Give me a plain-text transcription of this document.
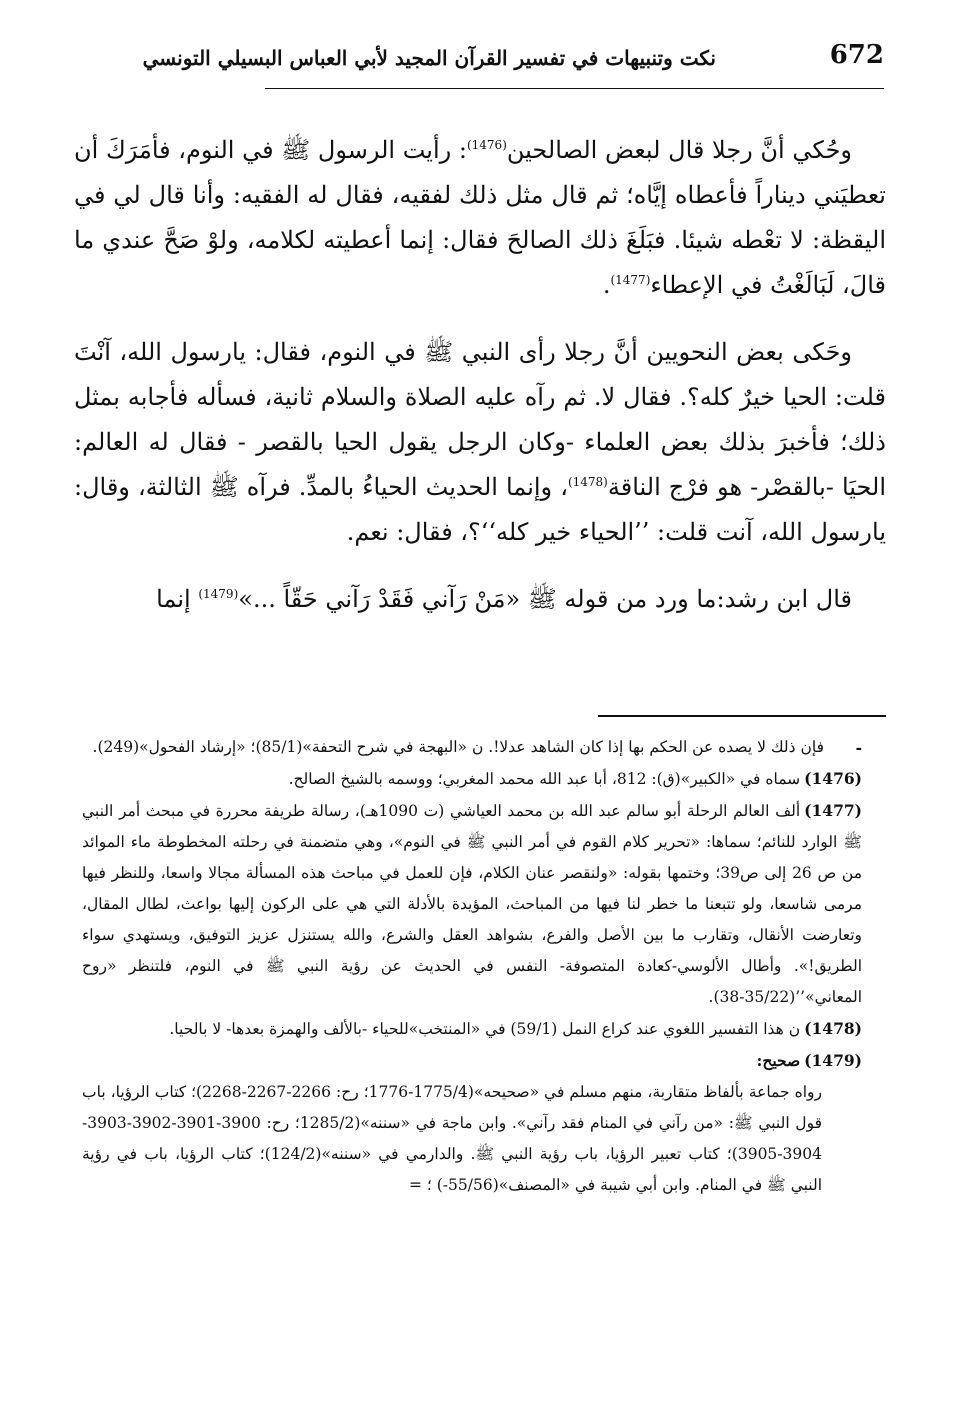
672
نكت وتنبيهات في تفسير القرآن المجيد لأبي العباس البسيلي التونسي

وحُكي أنَّ رجلا قال لبعض الصالحين$^{(1476)}$: رأيت الرسول ﷺ في النوم، فأمَرَكَ أن تعطيَني ديناراً فأعطاه إيَّاه؛ ثم قال مثل ذلك لفقيه، فقال له الفقيه: وأنا قال لي في اليقظة: لا تعْطه شيئا. فبَلَغَ ذلك الصالحَ فقال: إنما أعطيته لكلامه، ولوْ صَحَّ عندي ما قالَ، لَبَالَغْتُ في الإعطاء$^{(1477)}$.

وحَكى بعض النحويين أنَّ رجلا رأى النبي ﷺ في النوم، فقال: يارسول الله، آنْتَ قلت: الحيا خيرٌ كله؟. فقال لا. ثم رآه عليه الصلاة والسلام ثانية، فسأله فأجابه بمثل ذلك؛ فأخبرَ بذلك بعض العلماء -وكان الرجل يقول الحيا بالقصر - فقال له العالم: الحيَا -بالقصْر- هو فرْج الناقة$^{(1478)}$، وإنما الحديث الحياءُ بالمدِّ. فرآه ﷺ الثالثة، وقال: يارسول الله، آنت قلت: ’’الحياء خير كله‘‘؟، فقال: نعم.

قال ابن رشد:ما ورد من قوله ﷺ «مَنْ رَآني فَقَدْ رَآني حَقّاً ...»$^{(1479)}$ إنما

-
فإن ذلك لا يصده عن الحكم بها إذا كان الشاهد عدلا!. ن «البهجة في شرح التحفة»(85/1)؛ «إرشاد الفحول»(249).

(1476)سماه في «الكبير»(ق): 812، أبا عبد الله محمد المغربي؛ ووسمه بالشيخ الصالح.

(1477)ألف العالم الرحلة أبو سالم عبد الله بن محمد العياشي (ت 1090هـ)، رسالة طريفة محررة في مبحث أمر النبي ﷺ الوارد للنائم؛ سماها: «تحرير كلام القوم في أمر النبي ﷺ في النوم»، وهي متضمنة في رحلته المخطوطة ماء الموائد من ص 26 إلى ص39؛ وختمها بقوله: «ولنقصر عنان الكلام، فإن للعمل في مباحث هذه المسألة مجالا واسعا، وللنظر فيها مرمى شاسعا، ولو تتبعنا ما خطر لنا فيها من المباحث، المؤيدة بالأدلة التي هي على الركون إليها بواعث، لطال المقال، وتعارضت الأنقال، وتقارب ما بين الأصل والفرع، بشواهد العقل والشرع، والله يستنزل عزيز التوفيق، ويستهدي سواء الطريق!». وأطال الألوسي-كعادة المتصوفة- النفس في الحديث عن رؤية النبي ﷺ في النوم، فلتنظر «روح المعاني»’’(35/22-38).

(1478)ن هذا التفسير اللغوي عند كراع النمل (59/1) في «المنتخب»للحياء -بالألف والهمزة بعدها- لا بالحيا.

(1479)صحيح:

رواه جماعة بألفاظ متقاربة، منهم مسلم في «صحيحه»(1775/4-1776؛ رح: 2266-2267-2268)؛ كتاب الرؤيا، باب قول النبي ﷺ: «من رآني في المنام فقد رآني». وابن ماجة في «سننه»(1285/2؛ رح: 3900-3901-3902-3903-3904-3905)؛ كتاب تعبير الرؤيا، باب رؤية النبي ﷺ. والدارمي في «سننه»(124/2)؛ كتاب الرؤيا، باب في رؤية النبي ﷺ في المنام. وابن أبي شيبة في «المصنف»(55/56-) ؛ =
